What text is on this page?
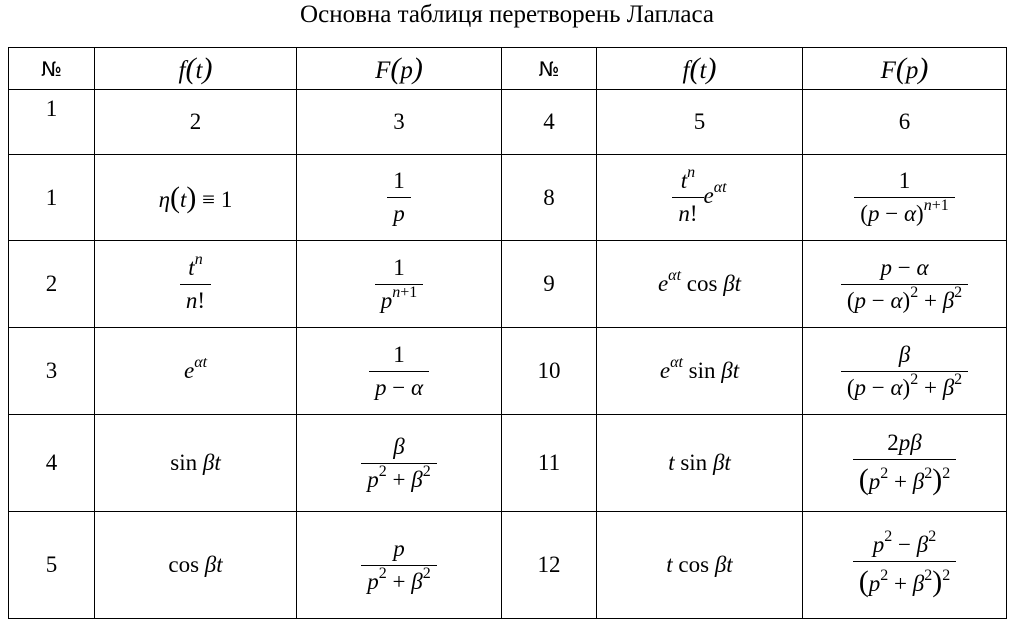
Основна таблиця перетворень Лапласа
№	f(t)	F(p)	№	f(t)	F(p)
1	2	3	4	5	6
1	η(t) ≡ 1	$\frac{1}{p}$	8	$\frac{t^n}{n!} e^{\alpha t}$	$\frac{1}{(p - \alpha)^{n+1}}$

2	$\frac{t^n}{n!}$	$\frac{1}{p^{n+1}}$	9	$e^{\alpha t}$ cos βt	$\frac{p - \alpha}{(p - \alpha)^2 + \beta^2}$

3	$e^{\alpha t}$	$\frac{1}{p - \alpha}$	10	$e^{\alpha t}$ sin βt	$\frac{\beta}{(p - \alpha)^2 + \beta^2}$

4	sin βt	$\frac{\beta}{p^2 + \beta^2}$	11	t sin βt	$\frac{2p\beta}{(p^2 + \beta^2)^2}$

5	cos βt	$\frac{p}{p^2 + \beta^2}$	12	t cos βt	$\frac{p^2 - \beta^2}{(p^2 + \beta^2)^2}$
